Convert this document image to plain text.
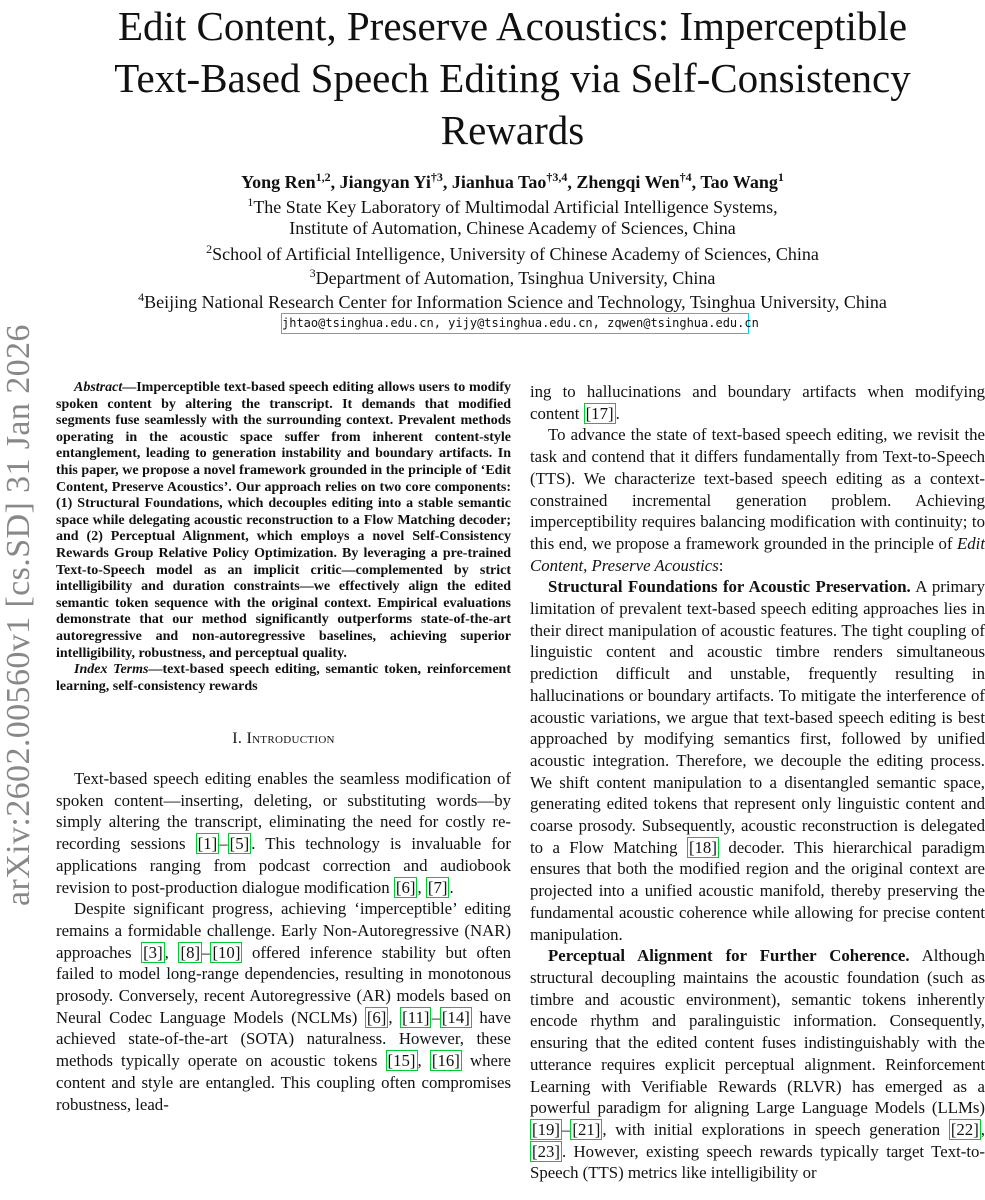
arXiv:2602.00560v1 [cs.SD] 31 Jan 2026
Edit Content, Preserve Acoustics: Imperceptible
Text-Based Speech Editing via Self-Consistency
Rewards
Yong Ren$^{1,2}$, Jiangyan Yi$^{\dagger 3}$, Jianhua Tao$^{\dagger 3,4}$, Zhengqi Wen$^{\dagger 4}$, Tao Wang$^1$
$^1$The State Key Laboratory of Multimodal Artificial Intelligence Systems,
Institute of Automation, Chinese Academy of Sciences, China
$^2$School of Artificial Intelligence, University of Chinese Academy of Sciences, China
$^3$Department of Automation, Tsinghua University, China
$^4$Beijing National Research Center for Information Science and Technology, Tsinghua University, China
jhtao@tsinghua.edu.cn, yijy@tsinghua.edu.cn, zqwen@tsinghua.edu.cn

Abstract—Imperceptible text-based speech editing allows users to modify spoken content by altering the transcript. It demands that modified segments fuse seamlessly with the surrounding context. Prevalent methods operating in the acoustic space suffer from inherent content-style entanglement, leading to generation instability and boundary artifacts. In this paper, we propose a novel framework grounded in the principle of ‘Edit Content, Preserve Acoustics’. Our approach relies on two core components: (1) Structural Foundations, which decouples editing into a stable semantic space while delegating acoustic reconstruction to a Flow Matching decoder; and (2) Perceptual Alignment, which employs a novel Self-Consistency Rewards Group Relative Policy Optimization. By leveraging a pre-trained Text-to-Speech model as an implicit critic—complemented by strict intelligibility and duration constraints—we effectively align the edited semantic token sequence with the original context. Empirical evaluations demonstrate that our method significantly outperforms state-of-the-art autoregressive and non-autoregressive baselines, achieving superior intelligibility, robustness, and perceptual quality.

Index Terms—text-based speech editing, semantic token, reinforcement learning, self-consistency rewards

I. Introduction

Text-based speech editing enables the seamless modification of spoken content—inserting, deleting, or substituting words—by simply altering the transcript, eliminating the need for costly re-recording sessions [1] – [5] . This technology is invaluable for applications ranging from podcast correction and audiobook revision to post-production dialogue modification [6] , [7] .

Despite significant progress, achieving ‘imperceptible’ editing remains a formidable challenge. Early Non-Autoregressive (NAR) approaches [3] , [8] – [10] offered inference stability but often failed to model long-range dependencies, resulting in monotonous prosody. Conversely, recent Autoregressive (AR) models based on Neural Codec Language Models (NCLMs) [6] , [11] – [14] have achieved state-of-the-art (SOTA) naturalness. However, these methods typically operate on acoustic tokens [15] , [16] where content and style are entangled. This coupling often compromises robustness, lead-

ing to hallucinations and boundary artifacts when modifying content [17] .

To advance the state of text-based speech editing, we revisit the task and contend that it differs fundamentally from Text-to-Speech (TTS). We characterize text-based speech editing as a context-constrained incremental generation problem. Achieving imperceptibility requires balancing modification with continuity; to this end, we propose a framework grounded in the principle of Edit Content, Preserve Acoustics:

Structural Foundations for Acoustic Preservation. A primary limitation of prevalent text-based speech editing approaches lies in their direct manipulation of acoustic features. The tight coupling of linguistic content and acoustic timbre renders simultaneous prediction difficult and unstable, frequently resulting in hallucinations or boundary artifacts. To mitigate the interference of acoustic variations, we argue that text-based speech editing is best approached by modifying semantics first, followed by unified acoustic integration. Therefore, we decouple the editing process. We shift content manipulation to a disentangled semantic space, generating edited tokens that represent only linguistic content and coarse prosody. Subsequently, acoustic reconstruction is delegated to a Flow Matching [18] decoder. This hierarchical paradigm ensures that both the modified region and the original context are projected into a unified acoustic manifold, thereby preserving the fundamental acoustic coherence while allowing for precise content manipulation.

Perceptual Alignment for Further Coherence. Although structural decoupling maintains the acoustic foundation (such as timbre and acoustic environment), semantic tokens inherently encode rhythm and paralinguistic information. Consequently, ensuring that the edited content fuses indistinguishably with the utterance requires explicit perceptual alignment. Reinforcement Learning with Verifiable Rewards (RLVR) has emerged as a powerful paradigm for aligning Large Language Models (LLMs) [19] – [21] , with initial explorations in speech generation [22] , [23] . However, existing speech rewards typically target Text-to-Speech (TTS) metrics like intelligibility or
